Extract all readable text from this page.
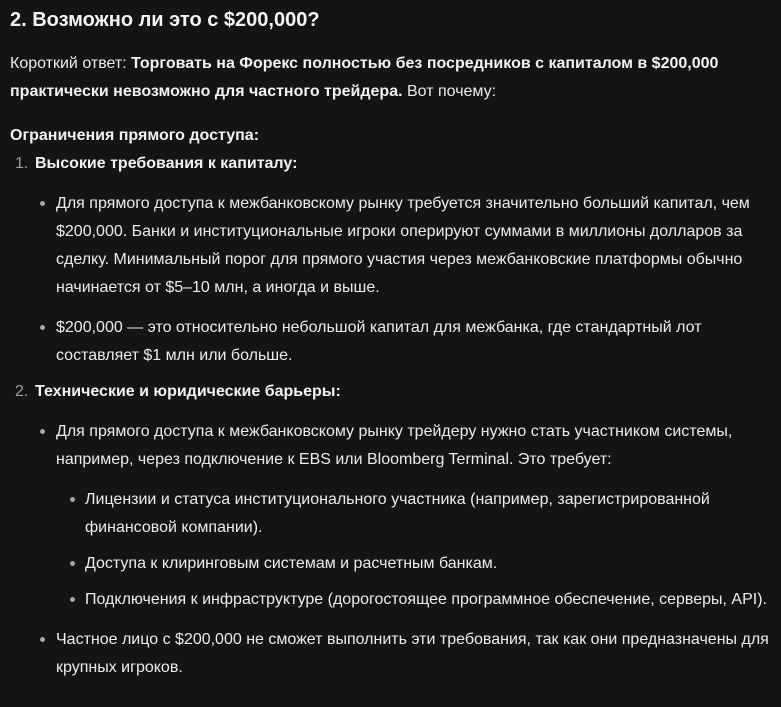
2. Возможно ли это с $200,000?

Короткий ответ: Торговать на Форекс полностью без посредников с капиталом в $200,000 практически невозможно для частного трейдера. Вот почему:

Ограничения прямого доступа:

1. Высокие требования к капиталу:
Для прямого доступа к межбанковскому рынку требуется значительно больший капитал, чем $200,000. Банки и институциональные игроки оперируют суммами в миллионы долларов за сделку. Минимальный порог для прямого участия через межбанковские платформы обычно начинается от $5–10 млн, а иногда и выше.
$200,000 — это относительно небольшой капитал для межбанка, где стандартный лот составляет $1 млн или больше.
2. Технические и юридические барьеры:
Для прямого доступа к межбанковскому рынку трейдеру нужно стать участником системы, например, через подключение к EBS или Bloomberg Terminal. Это требует:
Лицензии и статуса институционального участника (например, зарегистрированной финансовой компании).
Доступа к клиринговым системам и расчетным банкам.
Подключения к инфраструктуре (дорогостоящее программное обеспечение, серверы, API).
Частное лицо с $200,000 не сможет выполнить эти требования, так как они предназначены для крупных игроков.
